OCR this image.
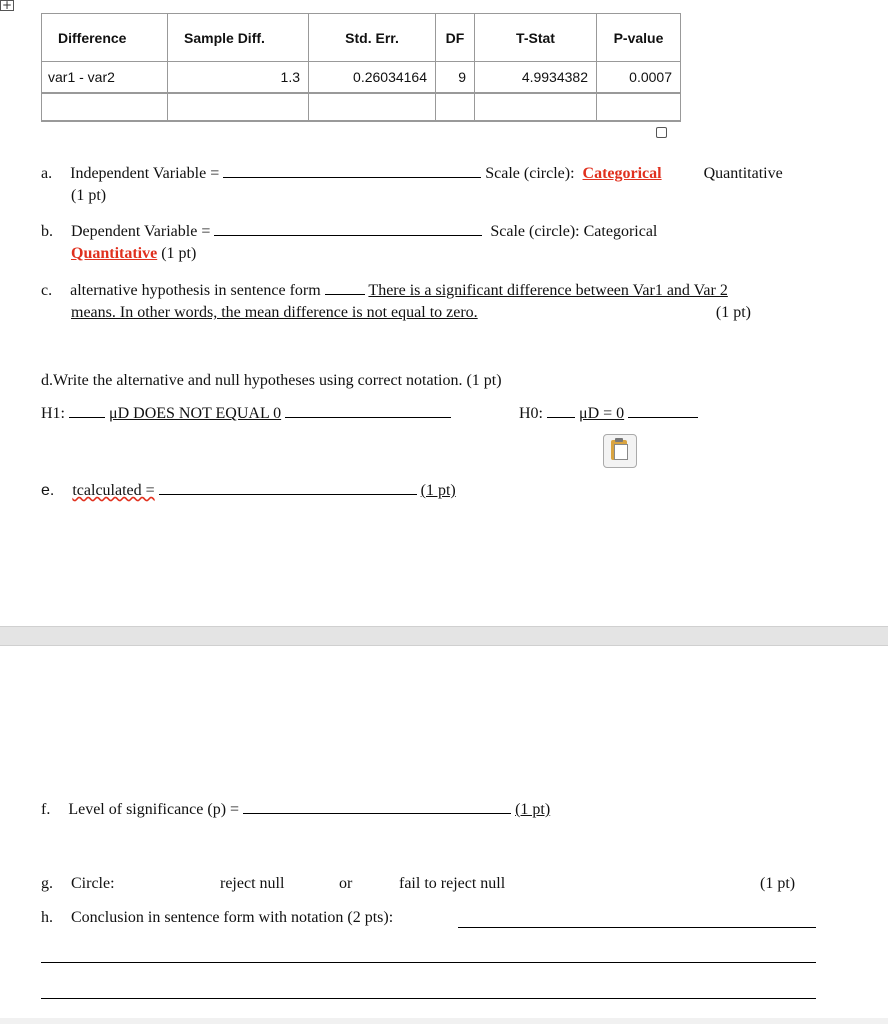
+
Difference	Sample Diff.	Std. Err.	DF	T-Stat	P-value
var1 - var2	1.3	0.26034164	9	4.9934382	0.0007

a. Independent Variable =	Scale (circle): Categorical	Quantitative
(1 pt)
b. Dependent Variable =	Scale (circle): Categorical
Quantitative (1 pt)
c. alternative hypothesis in sentence form	There is a significant difference between Var1 and Var 2
means. In other words, the mean difference is not equal to zero.	(1 pt)
d.Write the alternative and null hypotheses using correct notation. (1 pt)
H1:	μD DOES NOT EQUAL 0	H0: μD = 0
e. tcalculated =	(1 pt)
f. Level of significance (p) =	(1 pt)
g. Circle:	reject null	or	fail to reject null	(1 pt)
h. Conclusion in sentence form with notation (2 pts):
